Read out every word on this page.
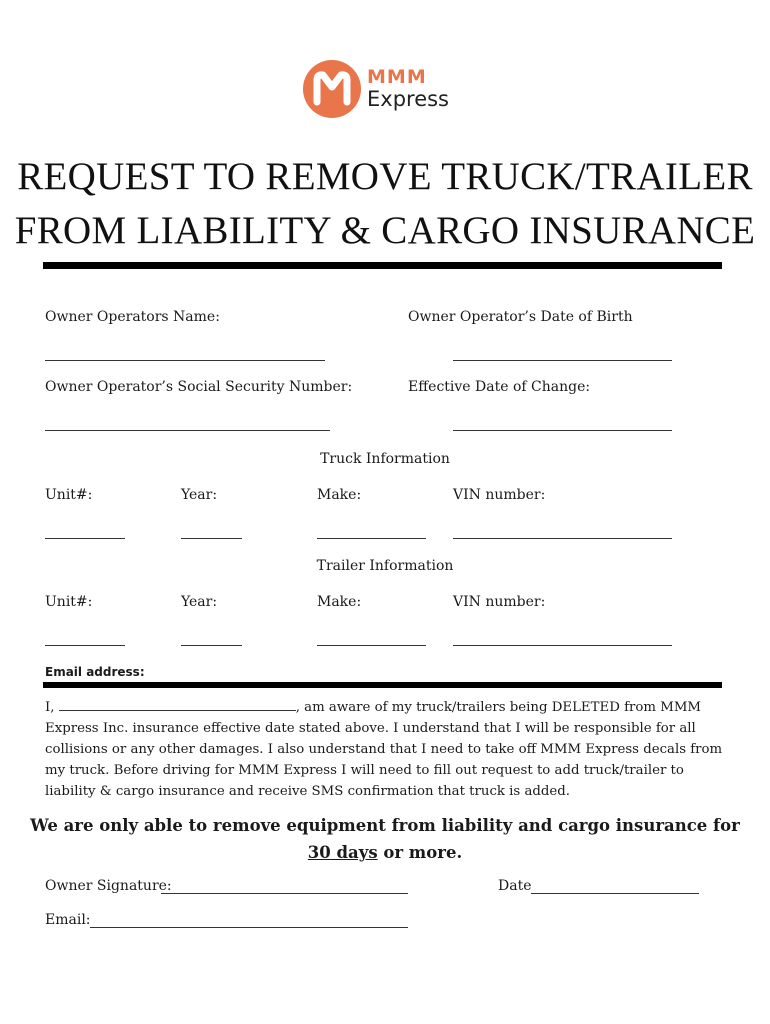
MMM
Express
REQUEST TO REMOVE TRUCK/TRAILER
FROM LIABILITY & CARGO INSURANCE
Owner Operators Name:	Owner Operator’s Date of Birth
Owner Operator’s Social Security Number:	Effective Date of Change:
Truck Information
Unit#:	Year:	Make:	VIN number:
Trailer Information
Unit#:	Year:	Make:	VIN number:
Email address:
I,	, am aware of my truck/trailers being DELETED from MMM Express Inc. insurance effective date stated above. I understand that I will be responsible for all collisions or any other damages. I also understand that I need to take off MMM Express decals from my truck. Before driving for MMM Express I will need to fill out request to add truck/trailer to liability & cargo insurance and receive SMS confirmation that truck is added.
We are only able to remove equipment from liability and cargo insurance for
30 days or more.
Owner Signature:	Date
Email:
